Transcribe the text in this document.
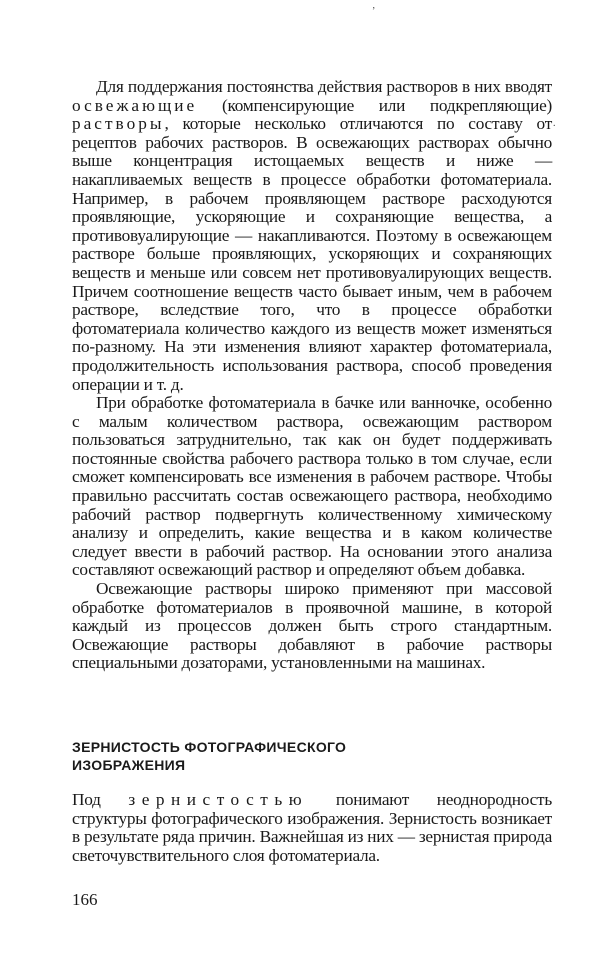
ʼ
.

Для поддержания постоянства действия растворов в них вводят освежающие (компенсирующие или подкрепляющие) растворы, которые несколько отличаются по составу от рецептов рабочих растворов. В освежающих растворах обычно выше концентрация истощаемых веществ и ниже — накапливаемых веществ в процессе обработки фотоматериала. Например, в рабочем проявляющем растворе расходуются проявляющие, ускоряющие и сохраняющие вещества, а противовуалирующие — накапливаются. Поэтому в освежающем растворе больше проявляющих, ускоряющих и сохраняющих веществ и меньше или совсем нет противовуалирующих веществ. Причем соотношение веществ часто бывает иным, чем в рабочем растворе, вследствие того, что в процессе обработки фотоматериала количество каждого из веществ может изменяться по-разному. На эти изменения влияют характер фотоматериала, продолжительность использования раствора, способ проведения операции и т. д.

При обработке фотоматериала в бачке или ванночке, особенно с малым количеством раствора, освежающим раствором пользоваться затруднительно, так как он будет поддерживать постоянные свойства рабочего раствора только в том случае, если сможет компенсировать все изменения в рабочем растворе. Чтобы правильно рассчитать состав освежающего раствора, необходимо рабочий раствор подвергнуть количественному химическому анализу и определить, какие вещества и в каком количестве следует ввести в рабочий раствор. На основании этого анализа составляют освежающий раствор и определяют объем добавка.

Освежающие растворы широко применяют при массовой обработке фотоматериалов в проявочной машине, в которой каждый из процессов должен быть строго стандартным. Освежающие растворы добавляют в рабочие растворы специальными дозаторами, установленными на машинах.

ЗЕРНИСТОСТЬ ФОТОГРАФИЧЕСКОГО
ИЗОБРАЖЕНИЯ

Под зернистостью понимают неоднородность структуры фотографического изображения. Зернистость возникает в результате ряда причин. Важнейшая из них — зернистая природа светочувствительного слоя фотоматериала.

166
